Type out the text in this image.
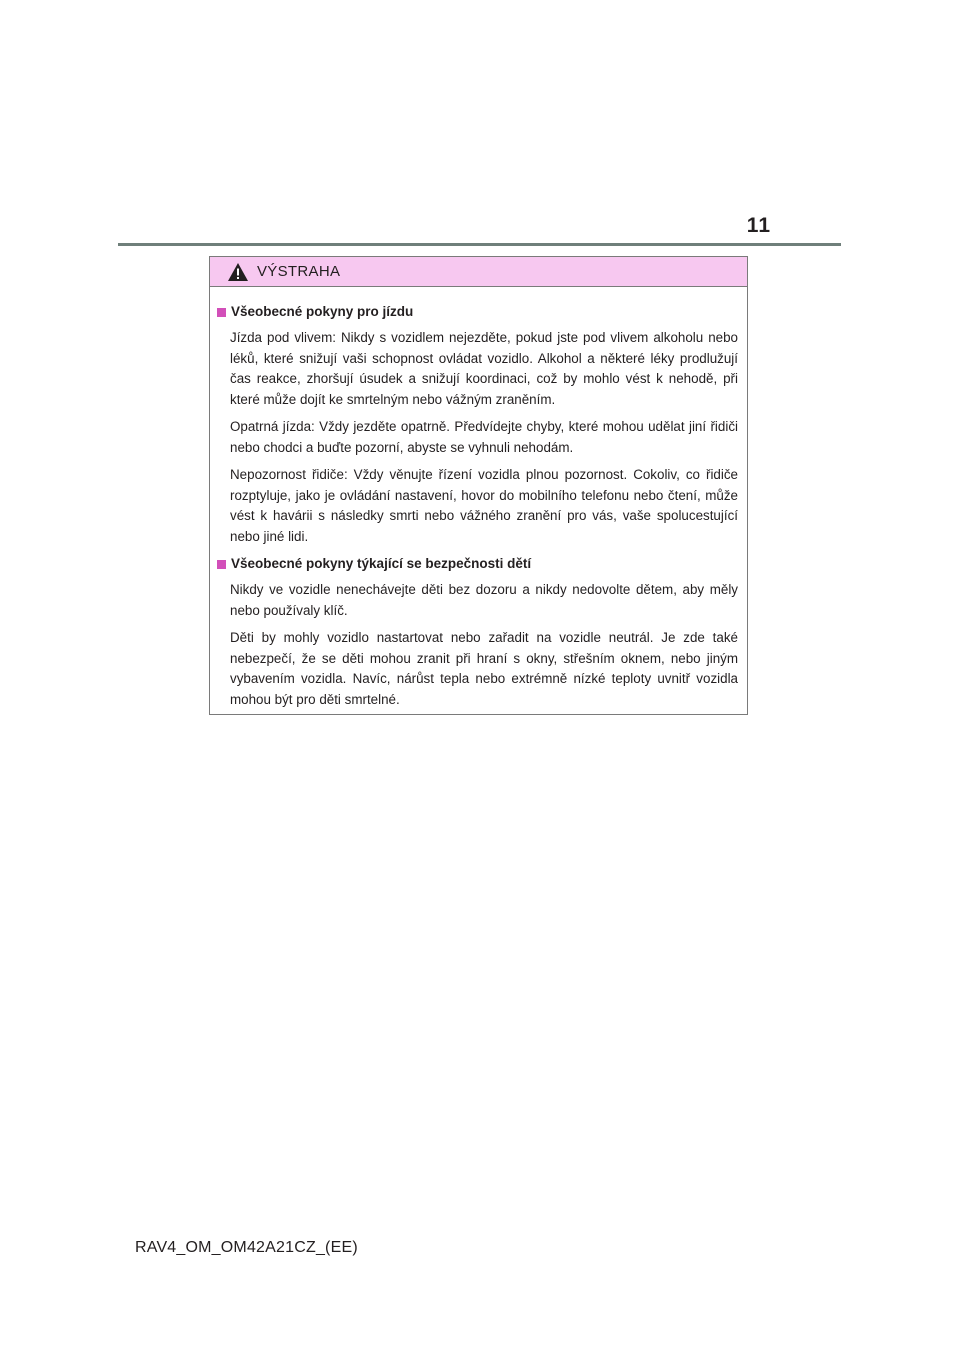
11
VÝSTRAHA
Všeobecné pokyny pro jízdu

Jízda pod vlivem: Nikdy s vozidlem nejezděte, pokud jste pod vlivem alkoholu nebo léků, které snižují vaši schopnost ovládat vozidlo. Alkohol a některé léky prodlužují čas reakce, zhoršují úsudek a snižují koordinaci, což by mohlo vést k nehodě, při které může dojít ke smrtelným nebo vážným zraněním.

Opatrná jízda: Vždy jezděte opatrně. Předvídejte chyby, které mohou udělat jiní řidiči nebo chodci a buďte pozorní, abyste se vyhnuli nehodám.

Nepozornost řidiče: Vždy věnujte řízení vozidla plnou pozornost. Cokoliv, co řidiče rozptyluje, jako je ovládání nastavení, hovor do mobilního telefonu nebo čtení, může vést k havárii s následky smrti nebo vážného zranění pro vás, vaše spolucestující nebo jiné lidi.

Všeobecné pokyny týkající se bezpečnosti dětí

Nikdy ve vozidle nenechávejte děti bez dozoru a nikdy nedovolte dětem, aby měly nebo používaly klíč.

Děti by mohly vozidlo nastartovat nebo zařadit na vozidle neutrál. Je zde také nebezpečí, že se děti mohou zranit při hraní s okny, střešním oknem, nebo jiným vybavením vozidla. Navíc, nárůst tepla nebo extrémně nízké teploty uvnitř vozidla mohou být pro děti smrtelné.

RAV4_OM_OM42A21CZ_(EE)
